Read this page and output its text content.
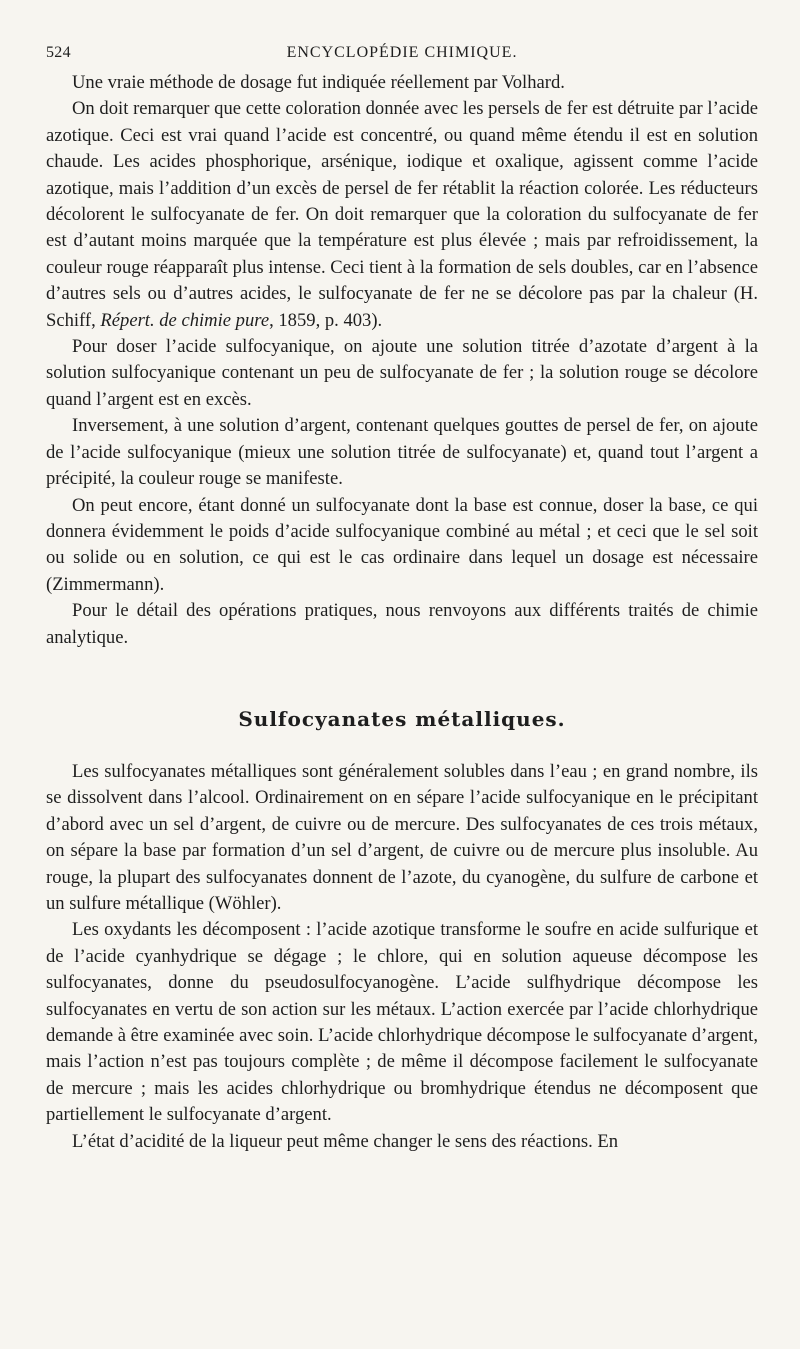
524	ENCYCLOPÉDIE CHIMIQUE.

Une vraie méthode de dosage fut indiquée réellement par Volhard.

On doit remarquer que cette coloration donnée avec les persels de fer est détruite par l’acide azotique. Ceci est vrai quand l’acide est concentré, ou quand même étendu il est en solution chaude. Les acides phosphorique, arsénique, iodique et oxalique, agissent comme l’acide azotique, mais l’addition d’un excès de persel de fer rétablit la réaction colorée. Les réducteurs décolorent le sulfocyanate de fer. On doit remarquer que la coloration du sulfocyanate de fer est d’autant moins marquée que la température est plus élevée ; mais par refroidissement, la couleur rouge réapparaît plus intense. Ceci tient à la formation de sels doubles, car en l’absence d’autres sels ou d’autres acides, le sulfocyanate de fer ne se décolore pas par la chaleur (H. Schiff, Répert. de chimie pure, 1859, p. 403).

Pour doser l’acide sulfocyanique, on ajoute une solution titrée d’azotate d’argent à la solution sulfocyanique contenant un peu de sulfocyanate de fer ; la solution rouge se décolore quand l’argent est en excès.

Inversement, à une solution d’argent, contenant quelques gouttes de persel de fer, on ajoute de l’acide sulfocyanique (mieux une solution titrée de sulfocyanate) et, quand tout l’argent a précipité, la couleur rouge se manifeste.

On peut encore, étant donné un sulfocyanate dont la base est connue, doser la base, ce qui donnera évidemment le poids d’acide sulfocyanique combiné au métal ; et ceci que le sel soit ou solide ou en solution, ce qui est le cas ordinaire dans lequel un dosage est nécessaire (Zimmermann).

Pour le détail des opérations pratiques, nous renvoyons aux différents traités de chimie analytique.

Sulfocyanates métalliques.

Les sulfocyanates métalliques sont généralement solubles dans l’eau ; en grand nombre, ils se dissolvent dans l’alcool. Ordinairement on en sépare l’acide sulfocyanique en le précipitant d’abord avec un sel d’argent, de cuivre ou de mercure. Des sulfocyanates de ces trois métaux, on sépare la base par formation d’un sel d’argent, de cuivre ou de mercure plus insoluble. Au rouge, la plupart des sulfocyanates donnent de l’azote, du cyanogène, du sulfure de carbone et un sulfure métallique (Wöhler).

Les oxydants les décomposent : l’acide azotique transforme le soufre en acide sulfurique et de l’acide cyanhydrique se dégage ; le chlore, qui en solution aqueuse décompose les sulfocyanates, donne du pseudosulfocyanogène. L’acide sulfhydrique décompose les sulfocyanates en vertu de son action sur les métaux. L’action exercée par l’acide chlorhydrique demande à être examinée avec soin. L’acide chlorhydrique décompose le sulfocyanate d’argent, mais l’action n’est pas toujours complète ; de même il décompose facilement le sulfocyanate de mercure ; mais les acides chlorhydrique ou bromhydrique étendus ne décomposent que partiellement le sulfocyanate d’argent.

L’état d’acidité de la liqueur peut même changer le sens des réactions. En
